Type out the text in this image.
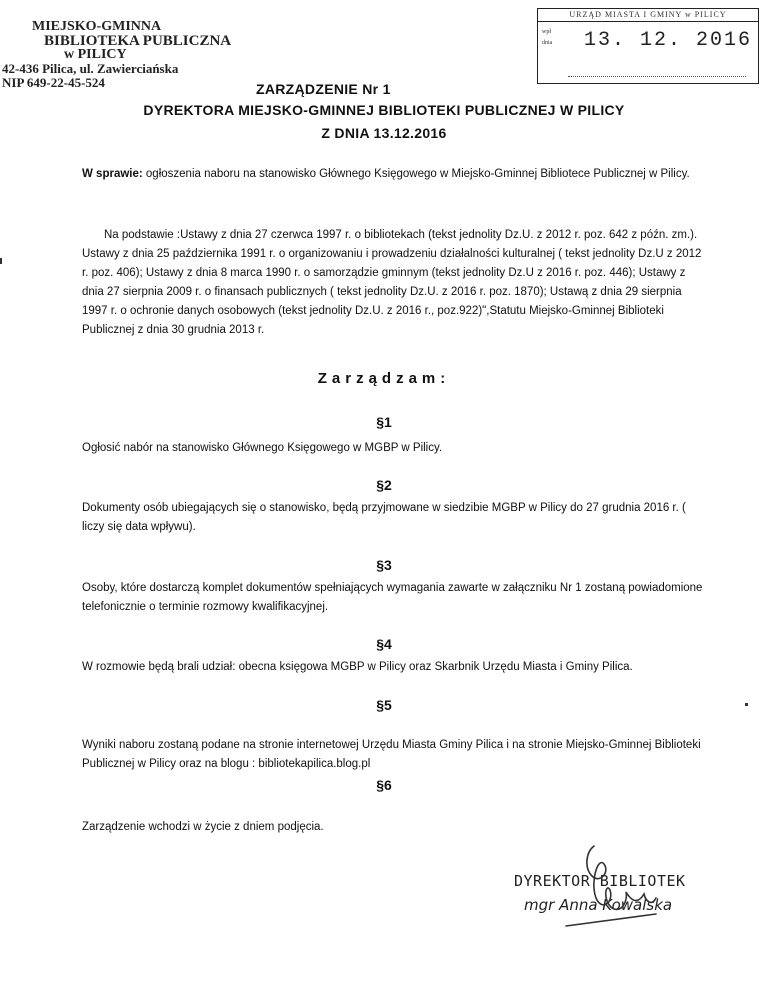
MIEJSKO-GMINNA
BIBLIOTEKA PUBLICZNA
w PILICY
42-436 Pilica, ul. Zawierciańska
NIP 649-22-45-524
URZĄD MIASTA I GMINY w PILICY
wpł
dnia	13. 12. 2016
ZARZĄDZENIE Nr 1
DYREKTORA MIEJSKO-GMINNEJ BIBLIOTEKI PUBLICZNEJ W PILICY
Z DNIA 13.12.2016
W sprawie: ogłoszenia naboru na stanowisko Głównego Księgowego w Miejsko-Gminnej Bibliotece Publicznej w Pilicy.
Na podstawie :Ustawy z dnia 27 czerwca 1997 r. o bibliotekach (tekst jednolity Dz.U. z 2012 r. poz. 642 z późn. zm.). Ustawy z dnia 25 października 1991 r. o organizowaniu i prowadzeniu działalności kulturalnej ( tekst jednolity Dz.U z 2012 r. poz. 406); Ustawy z dnia 8 marca 1990 r. o samorządzie gminnym (tekst jednolity Dz.U z 2016 r. poz. 446); Ustawy z dnia 27 sierpnia 2009 r. o finansach publicznych ( tekst jednolity Dz.U. z 2016 r. poz. 1870); Ustawą z dnia 29 sierpnia 1997 r. o ochronie danych osobowych (tekst jednolity Dz.U. z 2016 r., poz.922)",Statutu Miejsko-Gminnej Biblioteki Publicznej z dnia 30 grudnia 2013 r.
Zarządzam:
§1
Ogłosić nabór na stanowisko Głównego Księgowego w MGBP w Pilicy.
§2
Dokumenty osób ubiegających się o stanowisko, będą przyjmowane w siedzibie MGBP w Pilicy do 27 grudnia 2016 r. ( liczy się data wpływu).
§3
Osoby, które dostarczą komplet dokumentów spełniających wymagania zawarte w załączniku Nr 1 zostaną powiadomione telefonicznie o terminie rozmowy kwalifikacyjnej.
§4
W rozmowie będą brali udział: obecna księgowa MGBP w Pilicy oraz Skarbnik Urzędu Miasta i Gminy Pilica.
§5
Wyniki naboru zostaną podane na stronie internetowej Urzędu Miasta Gminy Pilica i na stronie Miejsko-Gminnej Biblioteki Publicznej w Pilicy oraz na blogu : bibliotekapilica.blog.pl
§6
Zarządzenie wchodzi w życie z dniem podjęcia.
DYREKTOR BIBLIOTEK
mgr Anna Kowalska
